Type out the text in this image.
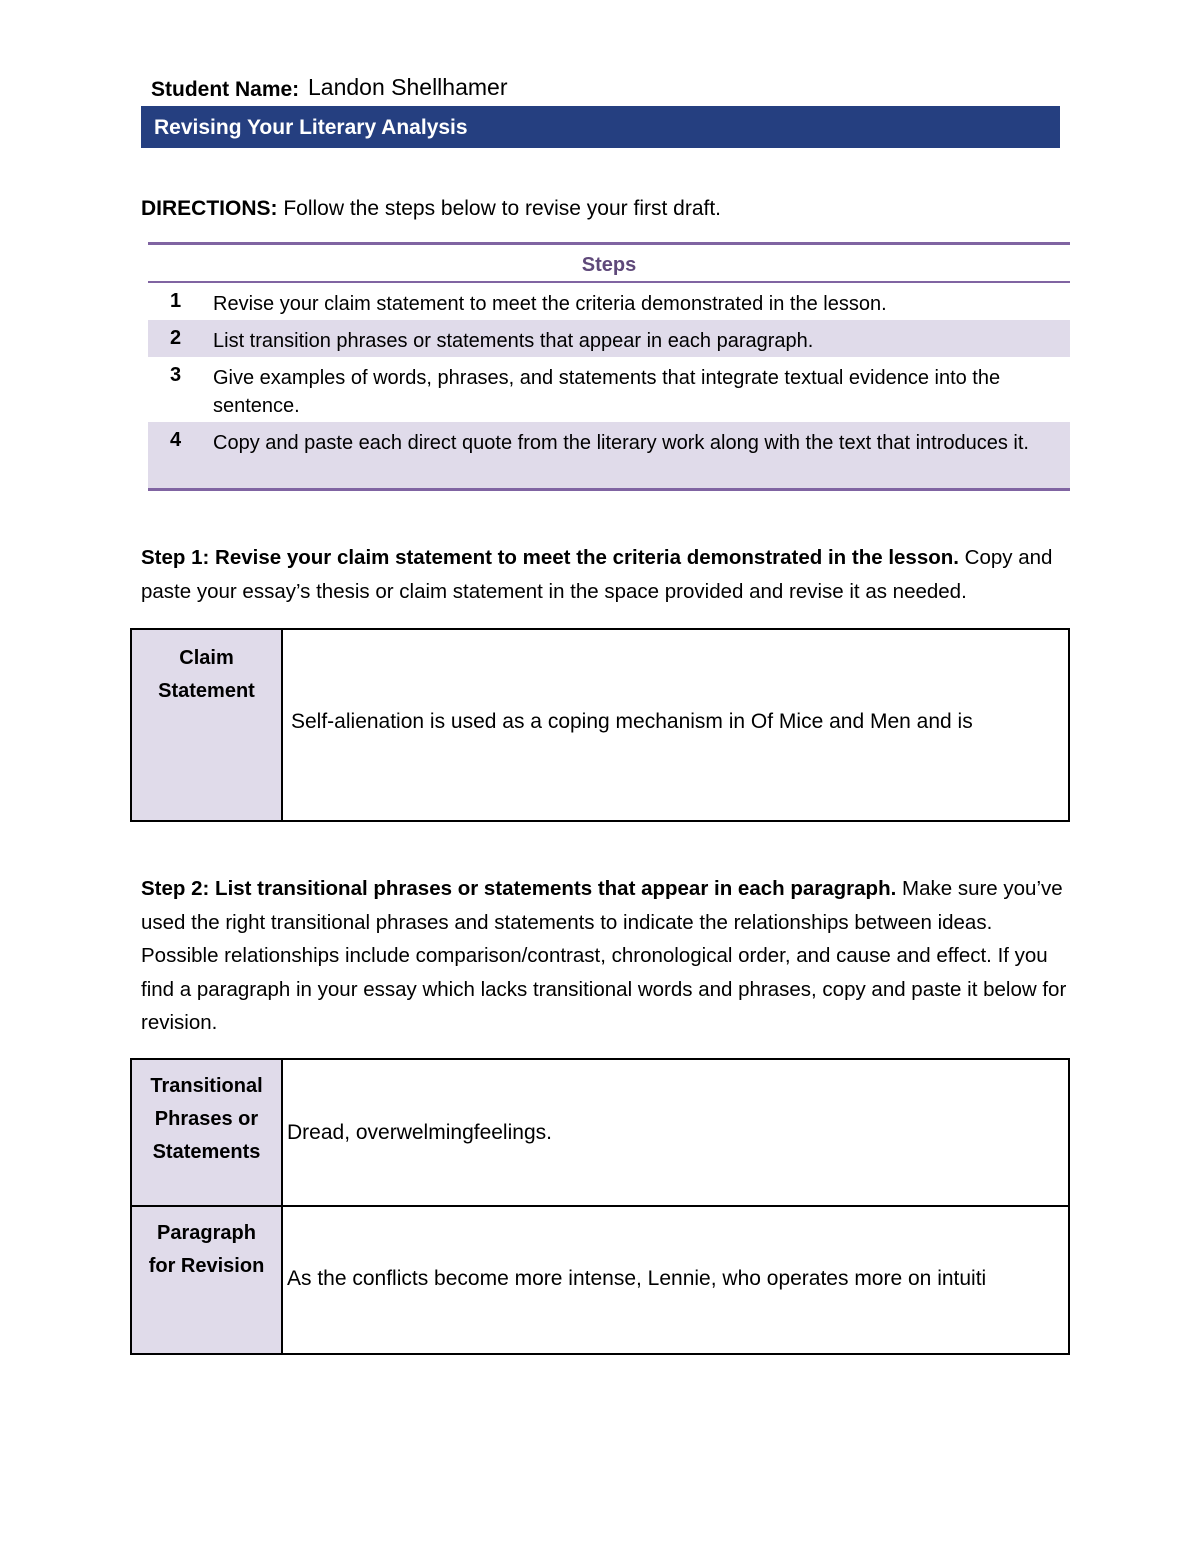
Student Name: Landon Shellhamer
Revising Your Literary Analysis
DIRECTIONS: Follow the steps below to revise your first draft.
Steps
1 Revise your claim statement to meet the criteria demonstrated in the lesson.
2 List transition phrases or statements that appear in each paragraph.
3 Give examples of words, phrases, and statements that integrate textual evidence into the sentence.
4 Copy and paste each direct quote from the literary work along with the text that introduces it.
Step 1: Revise your claim statement to meet the criteria demonstrated in the lesson. Copy and paste your essay’s thesis or claim statement in the space provided and revise it as needed.
Claim Statement
Self-alienation is used as a coping mechanism in Of Mice and Men and is
Step 2: List transitional phrases or statements that appear in each paragraph. Make sure you’ve used the right transitional phrases and statements to indicate the relationships between ideas. Possible relationships include comparison/contrast, chronological order, and cause and effect. If you find a paragraph in your essay which lacks transitional words and phrases, copy and paste it below for revision.
Transitional Phrases or Statements
Dread, overwelmingfeelings.
Paragraph for Revision
As the conflicts become more intense, Lennie, who operates more on intuiti
